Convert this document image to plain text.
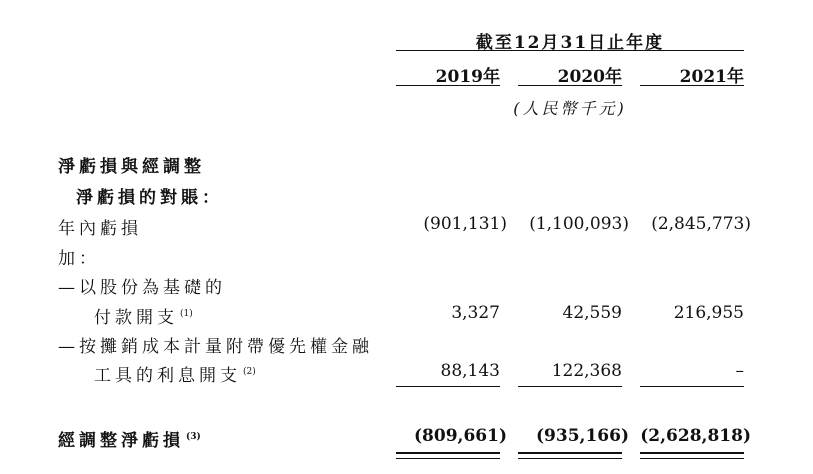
截至12月31日止年度
2019年	2020年	2021年
(人民幣千元)
淨虧損與經調整
淨虧損的對賬：
年內虧損	(901,131)	(1,100,093)	(2,845,773)
加：
—以股份為基礎的
付款開支 $^{(1)}$	3,327	42,559	216,955
—按攤銷成本計量附帶優先權金融
工具的利息開支 $^{(2)}$	88,143	122,368	–
經調整淨虧損 $^{(3)}$	(809,661)	(935,166) (2,628,818)
